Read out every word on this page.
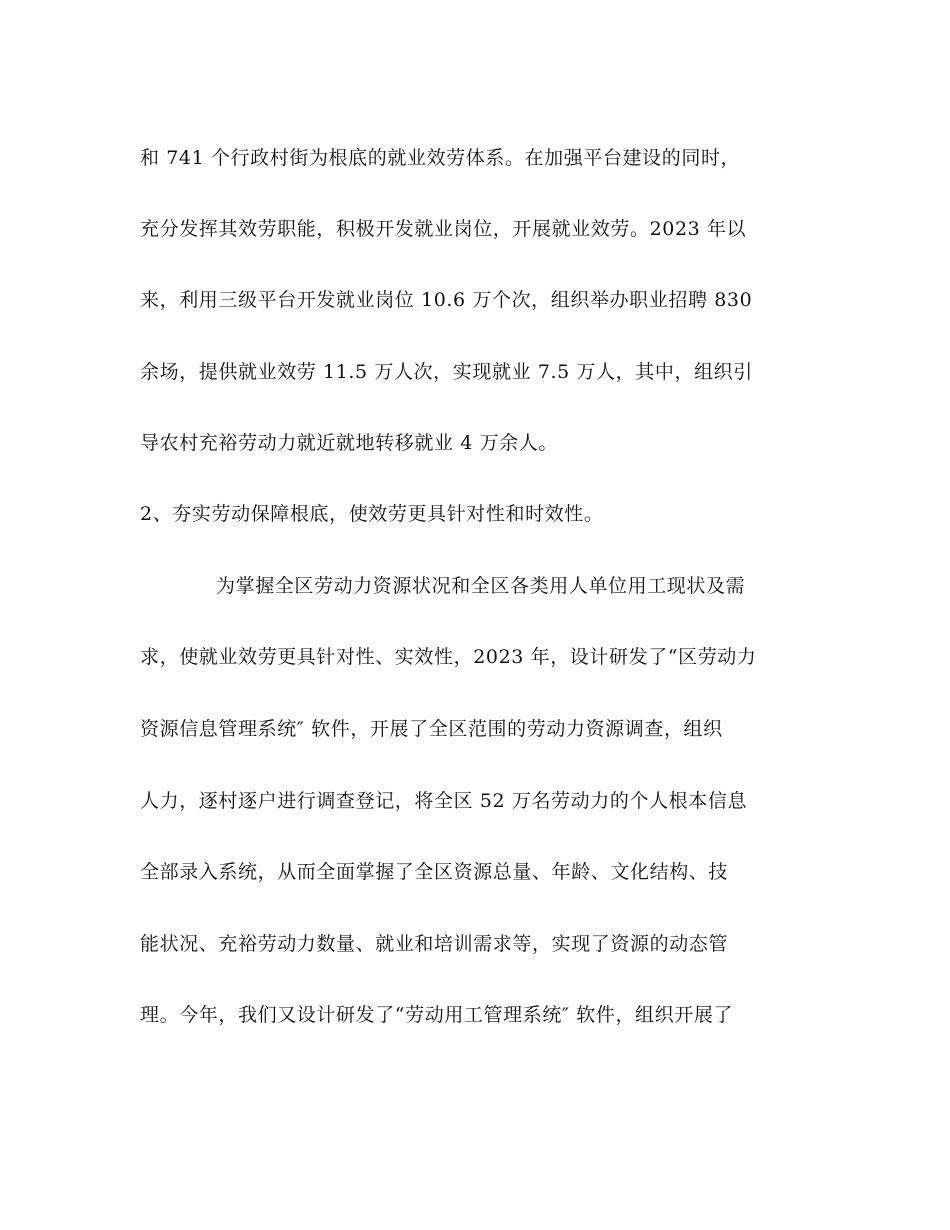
和 741 个行政村街为根底的就业效劳体系。在加强平台建设的同时，
充分发挥其效劳职能，积极开发就业岗位，开展就业效劳。2023 年以
来，利用三级平台开发就业岗位 10.6 万个次，组织举办职业招聘 830
余场，提供就业效劳 11.5 万人次，实现就业 7.5 万人，其中，组织引
导农村充裕劳动力就近就地转移就业 4 万余人。
2、夯实劳动保障根底，使效劳更具针对性和时效性。
为掌握全区劳动力资源状况和全区各类用人单位用工现状及需
求，使就业效劳更具针对性、实效性，2023 年，设计研发了“区劳动力
资源信息管理系统″ 软件，开展了全区范围的劳动力资源调查，组织
人力，逐村逐户进行调查登记，将全区 52 万名劳动力的个人根本信息
全部录入系统，从而全面掌握了全区资源总量、年龄、文化结构、技
能状况、充裕劳动力数量、就业和培训需求等，实现了资源的动态管
理。今年，我们又设计研发了“劳动用工管理系统″ 软件，组织开展了
